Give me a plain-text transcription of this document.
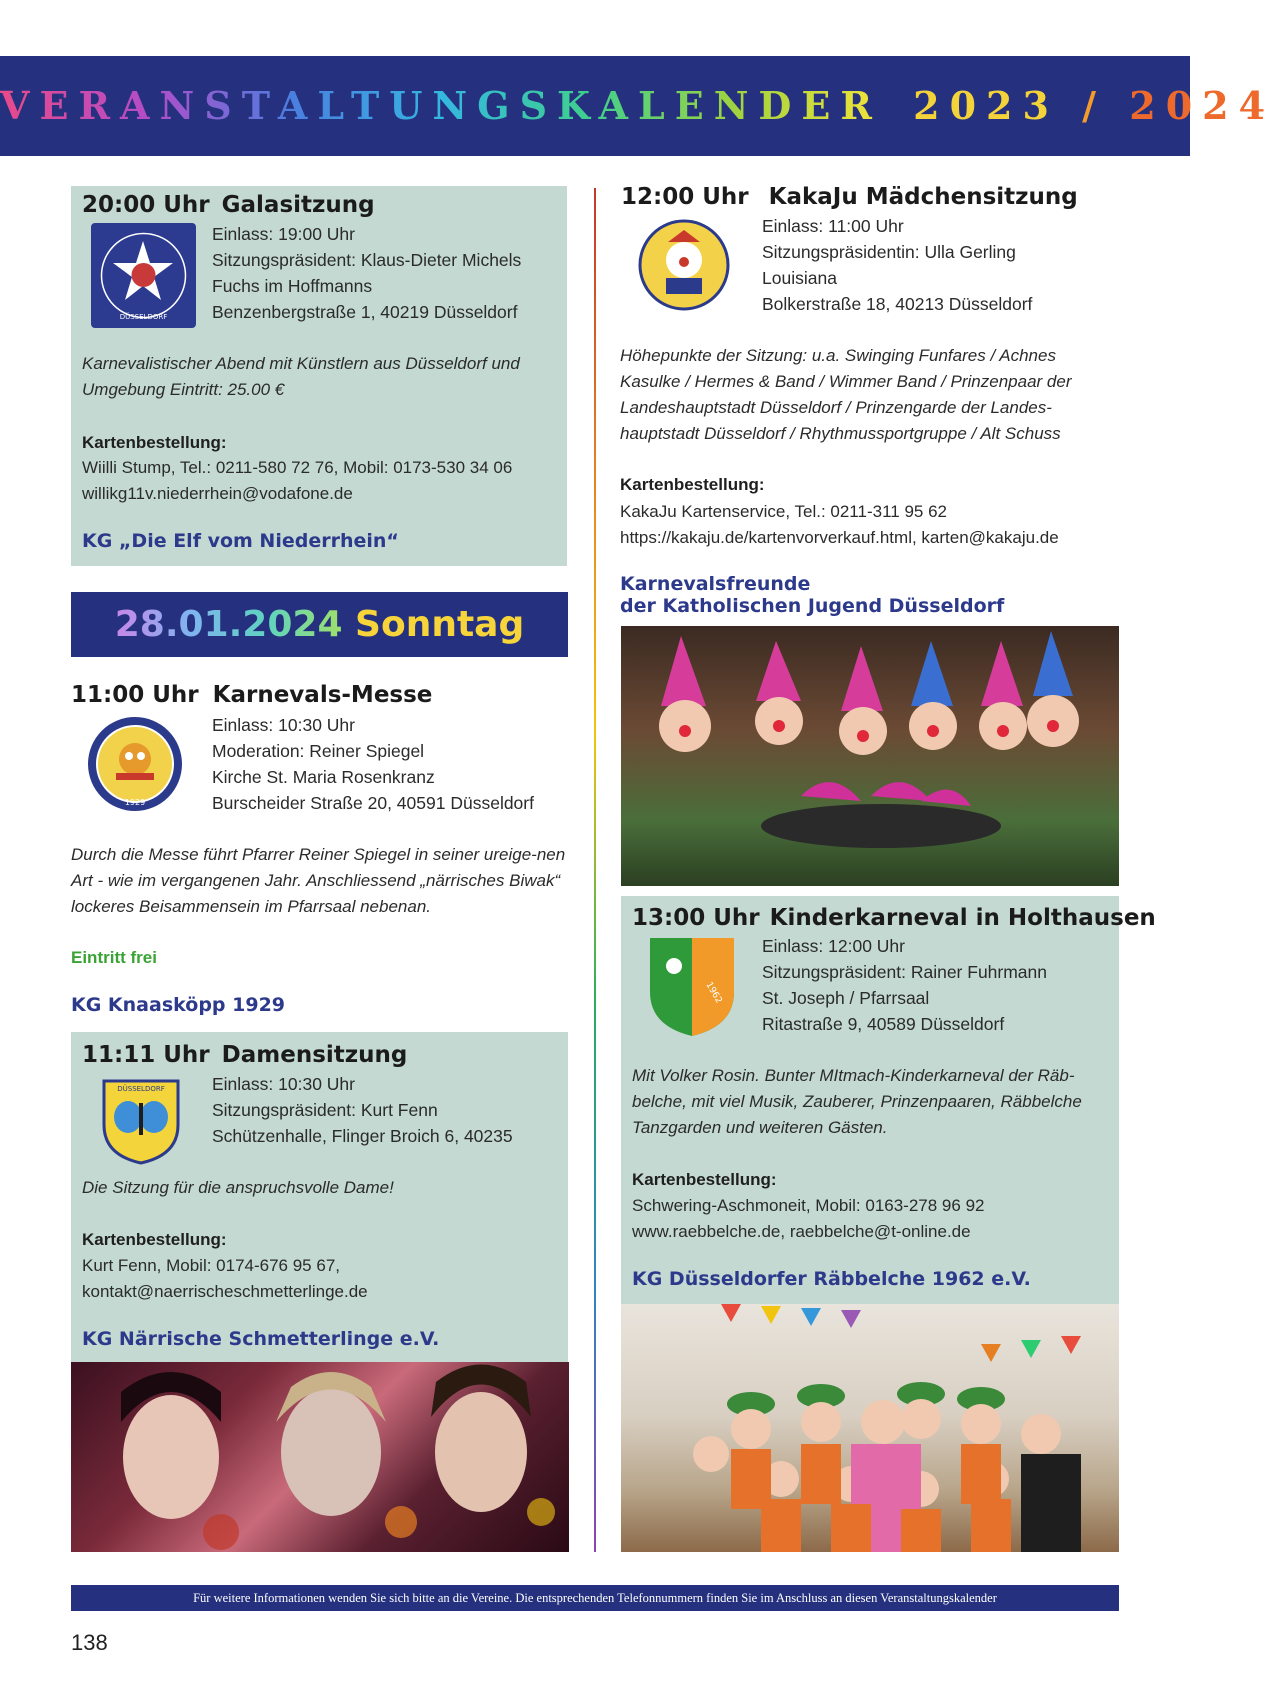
VERANSTALTUNGSKALENDER 2023 / 2024
20:00 Uhr Galasitzung
DÜSSELDORF
Einlass: 19:00 Uhr
Sitzungspräsident: Klaus-Dieter Michels
Fuchs im Hoffmanns
Benzenbergstraße 1, 40219 Düsseldorf
Karnevalistischer Abend mit Künstlern aus Düsseldorf und Umgebung Eintritt: 25.00 €
Kartenbestellung:
Wiilli Stump, Tel.: 0211-580 72 76, Mobil: 0173-530 34 06
willikg11v.niederrhein@vodafone.de
KG „Die Elf vom Niederrhein“
28.01.2024 Sonntag
11:00 Uhr Karnevals-Messe
1929
Einlass: 10:30 Uhr
Moderation: Reiner Spiegel
Kirche St. Maria Rosenkranz
Burscheider Straße 20, 40591 Düsseldorf
Durch die Messe führt Pfarrer Reiner Spiegel in seiner ureige-nen Art - wie im vergangenen Jahr. Anschliessend „närrisches Biwak“ lockeres Beisammensein im Pfarrsaal nebenan.
Eintritt frei
KG Knaasköpp 1929
11:11 Uhr Damensitzung
DÜSSELDORF	Einlass: 10:30 Uhr
Sitzungspräsident: Kurt Fenn
Schützenhalle, Flinger Broich 6, 40235
Die Sitzung für die anspruchsvolle Dame!
Kartenbestellung:
Kurt Fenn, Mobil: 0174-676 95 67,
kontakt@naerrischeschmetterlinge.de
KG Närrische Schmetterlinge e.V.
12:00 Uhr KakaJu Mädchensitzung
Einlass: 11:00 Uhr
Sitzungspräsidentin: Ulla Gerling
Louisiana
Bolkerstraße 18, 40213 Düsseldorf
Höhepunkte der Sitzung: u.a. Swinging Funfares / Achnes Kasulke / Hermes & Band / Wimmer Band / Prinzenpaar der Landeshauptstadt Düsseldorf / Prinzengarde der Landes-hauptstadt Düsseldorf / Rhythmussportgruppe / Alt Schuss
Kartenbestellung:
KakaJu Kartenservice, Tel.: 0211-311 95 62
https://kakaju.de/kartenvorverkauf.html, karten@kakaju.de
Karnevalsfreunde
der Katholischen Jugend Düsseldorf
13:00 Uhr Kinderkarneval in Holthausen
1962
Einlass: 12:00 Uhr
Sitzungspräsident: Rainer Fuhrmann
St. Joseph / Pfarrsaal
Ritastraße 9, 40589 Düsseldorf
Mit Volker Rosin. Bunter MItmach-Kinderkarneval der Räb-belche, mit viel Musik, Zauberer, Prinzenpaaren, Räbbelche Tanzgarden und weiteren Gästen.
Kartenbestellung:
Schwering-Aschmoneit, Mobil: 0163-278 96 92
www.raebbelche.de, raebbelche@t-online.de
KG Düsseldorfer Räbbelche 1962 e.V.
Für weitere Informationen wenden Sie sich bitte an die Vereine. Die entsprechenden Telefonnummern finden Sie im Anschluss an diesen Veranstaltungskalender
138
